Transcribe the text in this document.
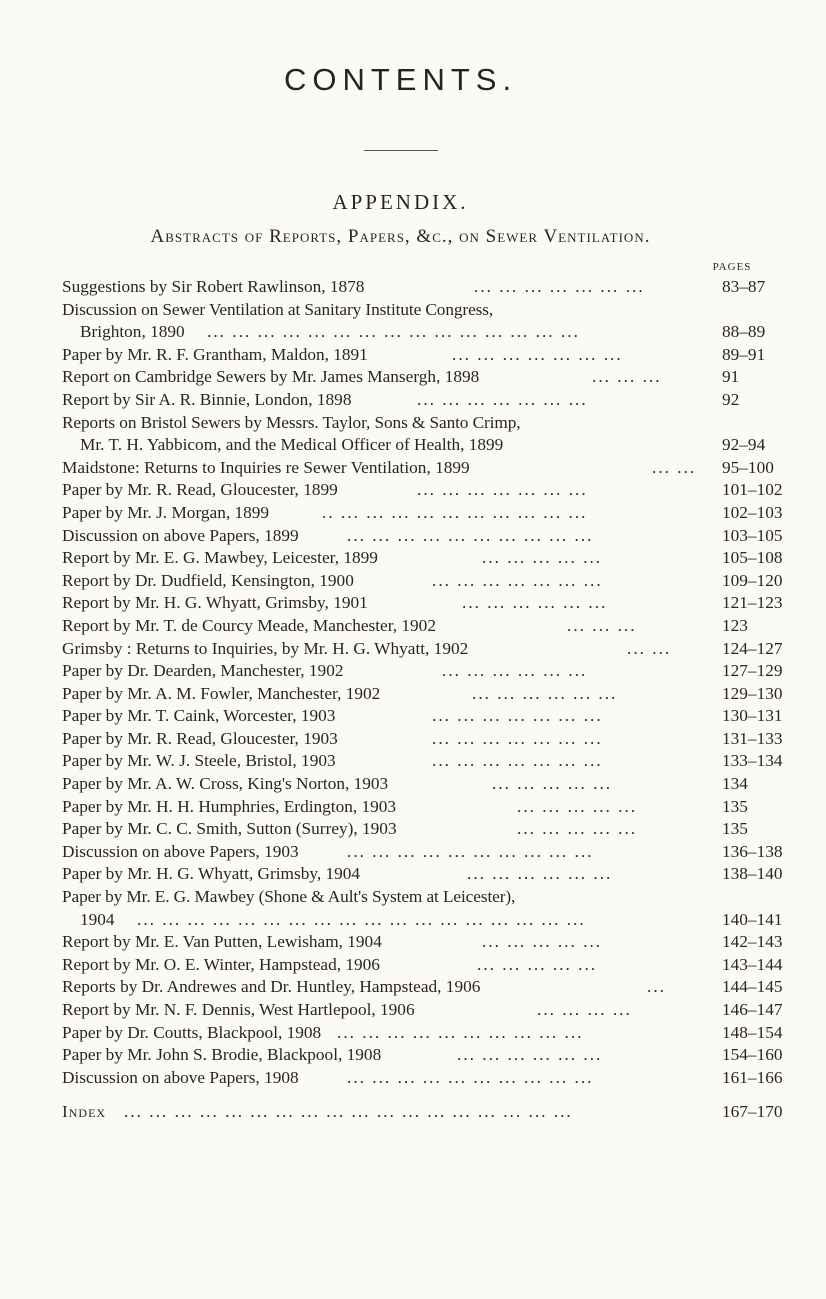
CONTENTS.
APPENDIX.
Abstracts of Reports, Papers, &c., on Sewer Ventilation.
PAGES
Suggestions by Sir Robert Rawlinson, 1878	... ... ... ... ... ... ...	83–87
Discussion on Sewer Ventilation at Sanitary Institute Congress,
Brighton, 1890 ... ... ... ... ... ... ... ... ... ... ... ... ... ... ...	88–89
Paper by Mr. R. F. Grantham, Maldon, 1891	... ... ... ... ... ... ...	89–91
Report on Cambridge Sewers by Mr. James Mansergh, 1898	... ... ...	91
Report by Sir A. R. Binnie, London, 1898	... ... ... ... ... ... ...	92
Reports on Bristol Sewers by Messrs. Taylor, Sons & Santo Crimp,
Mr. T. H. Yabbicom, and the Medical Officer of Health, 1899	92–94
Maidstone: Returns to Inquiries re Sewer Ventilation, 1899	... ... 95–100
Paper by Mr. R. Read, Gloucester, 1899	... ... ... ... ... ... ...	101–102
Paper by Mr. J. Morgan, 1899	.. ... ... ... ... ... ... ... ... ... ...	102–103
Discussion on above Papers, 1899	... ... ... ... ... ... ... ... ... ...	103–105
Report by Mr. E. G. Mawbey, Leicester, 1899	... ... ... ... ...	105–108
Report by Dr. Dudfield, Kensington, 1900	... ... ... ... ... ... ...	109–120
Report by Mr. H. G. Whyatt, Grimsby, 1901	... ... ... ... ... ...	121–123
Report by Mr. T. de Courcy Meade, Manchester, 1902	... ... ...	123
Grimsby : Returns to Inquiries, by Mr. H. G. Whyatt, 1902	... ...	124–127
Paper by Dr. Dearden, Manchester, 1902	... ... ... ... ... ...	127–129
Paper by Mr. A. M. Fowler, Manchester, 1902	... ... ... ... ... ...	129–130
Paper by Mr. T. Caink, Worcester, 1903	... ... ... ... ... ... ...	130–131
Paper by Mr. R. Read, Gloucester, 1903	... ... ... ... ... ... ...	131–133
Paper by Mr. W. J. Steele, Bristol, 1903	... ... ... ... ... ... ...	133–134
Paper by Mr. A. W. Cross, King's Norton, 1903	... ... ... ... ...	134
Paper by Mr. H. H. Humphries, Erdington, 1903	... ... ... ... ...	135
Paper by Mr. C. C. Smith, Sutton (Surrey), 1903	... ... ... ... ...	135
Discussion on above Papers, 1903	... ... ... ... ... ... ... ... ... ...	136–138
Paper by Mr. H. G. Whyatt, Grimsby, 1904	... ... ... ... ... ...	138–140
Paper by Mr. E. G. Mawbey (Shone & Ault's System at Leicester),
1904 ... ... ... ... ... ... ... ... ... ... ... ... ... ... ... ... ... ...	140–141
Report by Mr. E. Van Putten, Lewisham, 1904	... ... ... ... ...	142–143
Report by Mr. O. E. Winter, Hampstead, 1906	... ... ... ... ...	143–144
Reports by Dr. Andrewes and Dr. Huntley, Hampstead, 1906	...	144–145
Report by Mr. N. F. Dennis, West Hartlepool, 1906	... ... ... ...	146–147
Paper by Dr. Coutts, Blackpool, 1908 ... ... ... ... ... ... ... ... ... ...	148–154
Paper by Mr. John S. Brodie, Blackpool, 1908	... ... ... ... ... ...	154–160
Discussion on above Papers, 1908	... ... ... ... ... ... ... ... ... ...	161–166
Index ... ... ... ... ... ... ... ... ... ... ... ... ... ... ... ... ... ...	167–170
